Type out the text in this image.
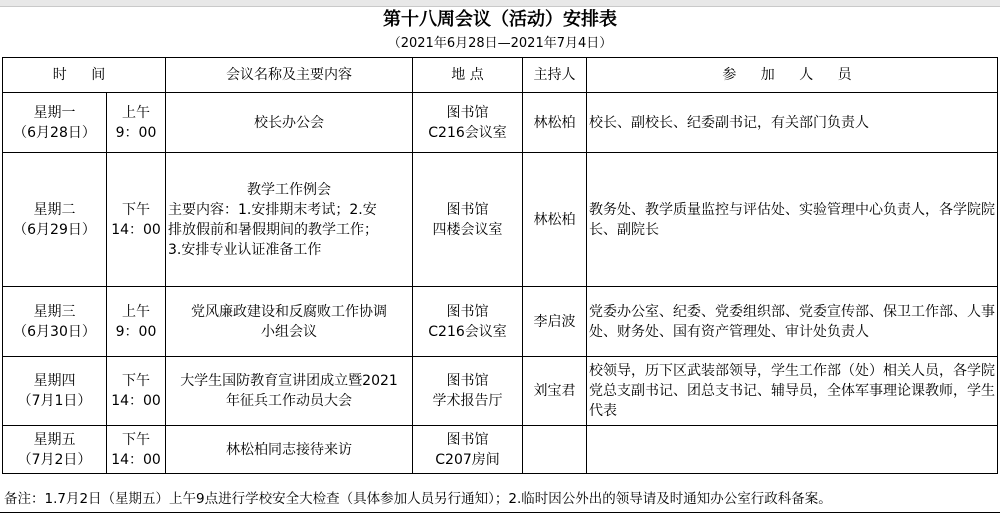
第十八周会议（活动）安排表
（2021年6月28日—2021年7月4日）
时 间		会议名称及主要内容	地 点	主持人	参 加 人 员

星期一
（6月28日）	上午
9：00	校长办公会	图书馆
C216会议室	林松柏	校长、副校长、纪委副书记，有关部门负责人

星期二
（6月29日）	下午
14：00	教学工作例会
主要内容：1.安排期末考试；2.安
排放假前和暑假期间的教学工作；
3.安排专业认证准备工作	图书馆
四楼会议室	林松柏	教务处、教学质量监控与评估处、实验管理中心负责人，各学院院长、副院长

星期三
（6月30日）	上午
9：00	党风廉政建设和反腐败工作协调
小组会议	图书馆
C216会议室	李启波	党委办公室、纪委、党委组织部、党委宣传部、保卫工作部、人事处、财务处、国有资产管理处、审计处负责人

星期四
（7月1日）	下午
14：00	大学生国防教育宣讲团成立暨2021
年征兵工作动员大会	图书馆
学术报告厅	刘宝君	校领导，历下区武装部领导，学生工作部（处）相关人员，各学院党总支副书记、团总支书记、辅导员，全体军事理论课教师，学生代表

星期五
（7月2日）	下午
14：00	林松柏同志接待来访	图书馆
C207房间		

备注：1.7月2日（星期五）上午9点进行学校安全大检查（具体参加人员另行通知）；2.临时因公外出的领导请及时通知办公室行政科备案。
